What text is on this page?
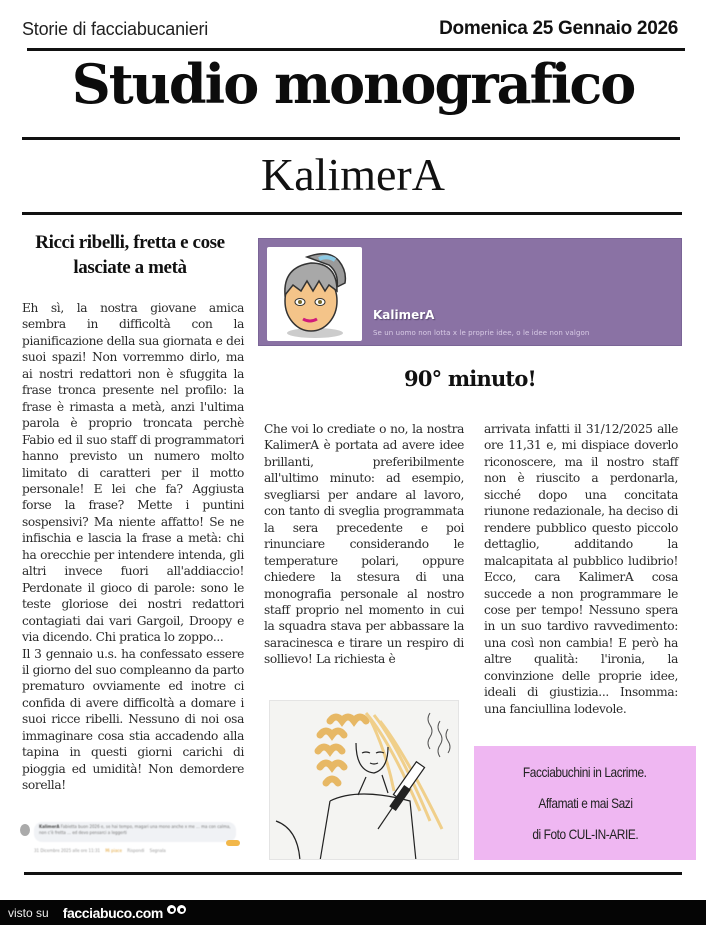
Storie di facciabucanieri	Domenica 25 Gennaio 2026
Studio monografico
KalimerA
Ricci ribelli, fretta e cose
lasciate a metà

Eh sì, la nostra giovane amica sembra in difficoltà con la pianificazione della sua giornata e dei suoi spazi! Non vorremmo dirlo, ma ai nostri redattori non è sfuggita la frase tronca presente nel profilo: la frase è rimasta a metà, anzi l'ultima parola è proprio troncata perchè Fabio ed il suo staff di programmatori hanno previsto un numero molto limitato di caratteri per il motto personale! E lei che fa? Aggiusta forse la frase? Mette i puntini sospensivi? Ma niente affatto! Se ne infischia e lascia la frase a metà: chi ha orecchie per intendere intenda, gli altri invece fuori all'addiaccio! Perdonate il gioco di parole: sono le teste gloriose dei nostri redattori contagiati dai vari Gargoil, Droopy e via dicendo. Chi pratica lo zoppo...

Il 3 gennaio u.s. ha confessato essere il giorno del suo compleanno da parto prematuro ovviamente ed inotre ci confida di avere difficoltà a domare i suoi ricce ribelli. Nessuno di noi osa immaginare cosa stia accadendo alla tapina in questi giorni carichi di pioggia ed umidità! Non demordere sorella!

KalimerA Fabietta buon 2026 e, se hai tempo, magari una mono anche x me ... ma con calma, non c'è fretta ... ed devo pensarci a leggerti
31 Dicembre 2025 alle ore 11:31 Mi piace Rispondi Segnala
KalimerA
Se un uomo non lotta x le proprie idee, o le idee non valgon
90° minuto!
Che voi lo crediate o no, la nostra KalimerA è portata ad avere idee brillanti, preferibilmente all'ultimo minuto: ad esempio, svegliarsi per andare al lavoro, con tanto di sveglia programmata la sera precedente e poi rinunciare considerando le temperature polari, oppure chiedere la stesura di una monografia personale al nostro staff proprio nel momento in cui la squadra stava per abbassare la saracinesca e tirare un respiro di sollievo! La richiesta è
arrivata infatti il 31/12/2025 alle ore 11,31 e, mi dispiace doverlo riconoscere, ma il nostro staff non è riuscito a perdonarla, sicché dopo una concitata riunone redazionale, ha deciso di rendere pubblico questo piccolo dettaglio, additando la malcapitata al pubblico ludibrio! Ecco, cara KalimerA cosa succede a non programmare le cose per tempo! Nessuno spera in un suo tardivo ravvedimento: una così non cambia! E però ha altre qualità: l'ironia, la convinzione delle proprie idee, ideali di giustizia... Insomma: una fanciullina lodevole.
Facciabuchini in Lacrime.
Affamati e mai Sazi
di Foto CUL-IN-ARIE.
visto su facciabuco.com
